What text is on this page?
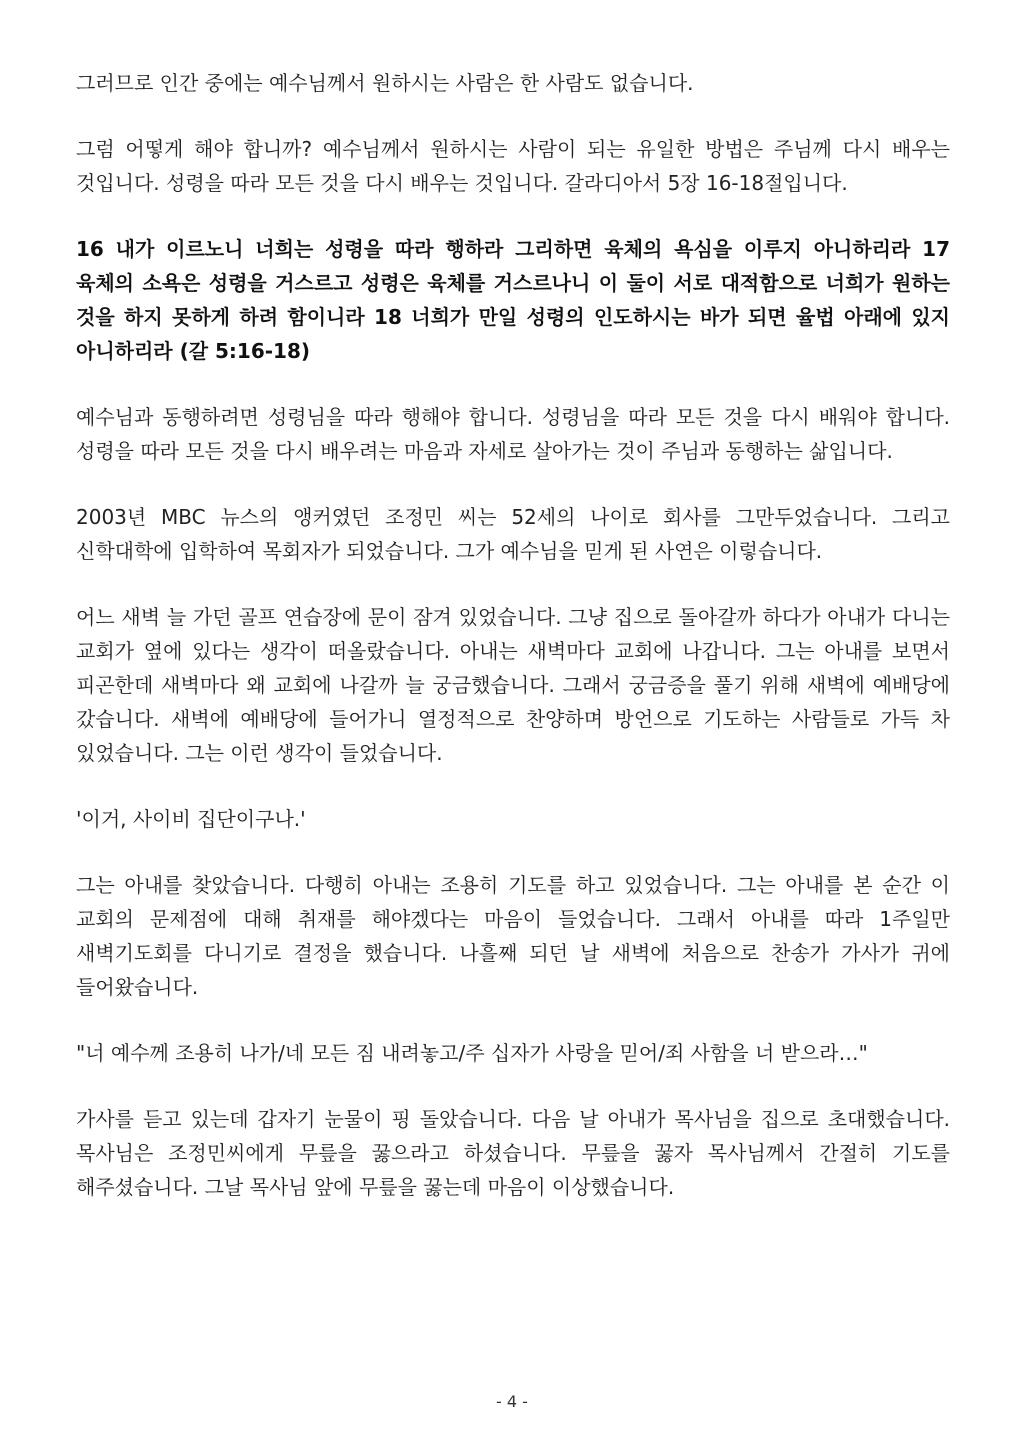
그러므로 인간 중에는 예수님께서 원하시는 사람은 한 사람도 없습니다.

그럼 어떻게 해야 합니까? 예수님께서 원하시는 사람이 되는 유일한 방법은 주님께 다시 배우는 것입니다. 성령을 따라 모든 것을 다시 배우는 것입니다. 갈라디아서 5장 16-18절입니다.

16 내가 이르노니 너희는 성령을 따라 행하라 그리하면 육체의 욕심을 이루지 아니하리라 17 육체의 소욕은 성령을 거스르고 성령은 육체를 거스르나니 이 둘이 서로 대적함으로 너희가 원하는 것을 하지 못하게 하려 함이니라 18 너희가 만일 성령의 인도하시는 바가 되면 율법 아래에 있지 아니하리라 (갈 5:16-18)

예수님과 동행하려면 성령님을 따라 행해야 합니다. 성령님을 따라 모든 것을 다시 배워야 합니다. 성령을 따라 모든 것을 다시 배우려는 마음과 자세로 살아가는 것이 주님과 동행하는 삶입니다.

2003년 MBC 뉴스의 앵커였던 조정민 씨는 52세의 나이로 회사를 그만두었습니다. 그리고 신학대학에 입학하여 목회자가 되었습니다. 그가 예수님을 믿게 된 사연은 이렇습니다.

어느 새벽 늘 가던 골프 연습장에 문이 잠겨 있었습니다. 그냥 집으로 돌아갈까 하다가 아내가 다니는 교회가 옆에 있다는 생각이 떠올랐습니다. 아내는 새벽마다 교회에 나갑니다. 그는 아내를 보면서 피곤한데 새벽마다 왜 교회에 나갈까 늘 궁금했습니다. 그래서 궁금증을 풀기 위해 새벽에 예배당에 갔습니다. 새벽에 예배당에 들어가니 열정적으로 찬양하며 방언으로 기도하는 사람들로 가득 차 있었습니다. 그는 이런 생각이 들었습니다.

'이거, 사이비 집단이구나.'

그는 아내를 찾았습니다. 다행히 아내는 조용히 기도를 하고 있었습니다. 그는 아내를 본 순간 이 교회의 문제점에 대해 취재를 해야겠다는 마음이 들었습니다. 그래서 아내를 따라 1주일만 새벽기도회를 다니기로 결정을 했습니다. 나흘째 되던 날 새벽에 처음으로 찬송가 가사가 귀에 들어왔습니다.

"너 예수께 조용히 나가/네 모든 짐 내려놓고/주 십자가 사랑을 믿어/죄 사함을 너 받으라…"

가사를 듣고 있는데 갑자기 눈물이 핑 돌았습니다. 다음 날 아내가 목사님을 집으로 초대했습니다. 목사님은 조정민씨에게 무릎을 꿇으라고 하셨습니다. 무릎을 꿇자 목사님께서 간절히 기도를 해주셨습니다. 그날 목사님 앞에 무릎을 꿇는데 마음이 이상했습니다.

- 4 -
